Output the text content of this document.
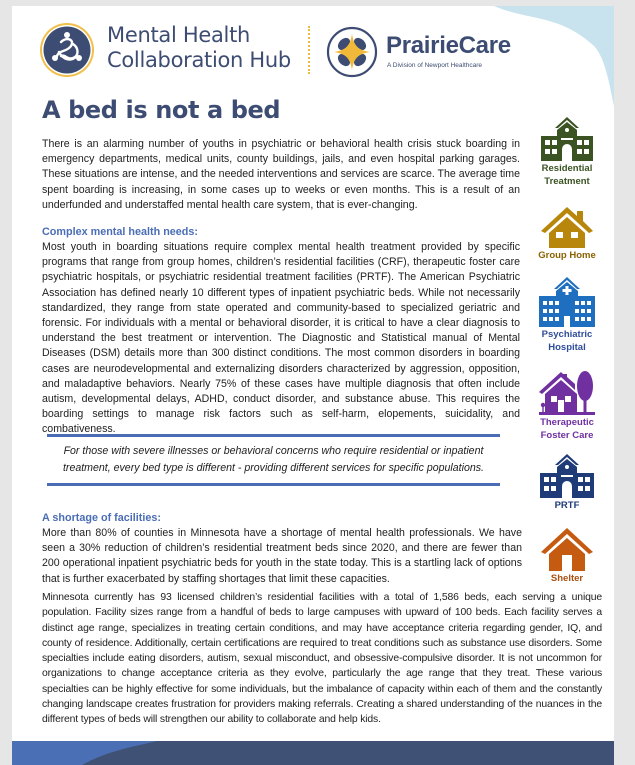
Mental Health
Collaboration Hub
PrairieCare
A Division of Newport Healthcare
A bed is not a bed
There is an alarming number of youths in psychiatric or behavioral health crisis stuck boarding in emergency departments, medical units, county buildings, jails, and even hospital parking garages. These situations are intense, and the needed interventions and services are scarce. The average time spent boarding is increasing, in some cases up to weeks or even months. This is a result of an underfunded and understaffed mental health care system, that is ever-changing.
Complex mental health needs:
Most youth in boarding situations require complex mental health treatment provided by specific programs that range from group homes, children’s residential facilities (CRF), therapeutic foster care psychiatric hospitals, or psychiatric residential treatment facilities (PRTF). The American Psychiatric Association has defined nearly 10 different types of inpatient psychiatric beds. While not necessarily standardized, they range from state operated and community-based to specialized geriatric and forensic. For individuals with a mental or behavioral disorder, it is critical to have a clear diagnosis to understand the best treatment or intervention. The Diagnostic and Statistical manual of Mental Diseases (DSM) details more than 300 distinct conditions. The most common disorders in boarding cases are neurodevelopmental and externalizing disorders characterized by aggression, opposition, and maladaptive behaviors. Nearly 75% of these cases have multiple diagnosis that often include autism, developmental delays, ADHD, conduct disorder, and substance abuse. This requires the boarding settings to manage risk factors such as self-harm, elopements, suicidality, and combativeness.
For those with severe illnesses or behavioral concerns who require residential or inpatient treatment, every bed type is different - providing different services for specific populations.
A shortage of facilities:
More than 80% of counties in Minnesota have a shortage of mental health professionals. We have seen a 30% reduction of children’s residential treatment beds since 2020, and there are fewer than 200 operational inpatient psychiatric beds for youth in the state today. This is a startling lack of options that is further exacerbated by staffing shortages that limit these capacities.
Minnesota currently has 93 licensed children’s residential facilities with a total of 1,586 beds, each serving a unique population. Facility sizes range from a handful of beds to large campuses with upward of 100 beds. Each facility serves a distinct age range, specializes in treating certain conditions, and may have acceptance criteria regarding gender, IQ, and county of residence. Additionally, certain certifications are required to treat conditions such as substance use disorders. Some specialties include eating disorders, autism, sexual misconduct, and obsessive-compulsive disorder. It is not uncommon for organizations to change acceptance criteria as they evolve, particularly the age range that they treat. These various specialties can be highly effective for some individuals, but the imbalance of capacity within each of them and the constantly changing landscape creates frustration for providers making referrals. Creating a shared understanding of the nuances in the different types of beds will strengthen our ability to collaborate and help kids.
Residential
Treatment
Group Home
Psychiatric
Hospital
Therapeutic
Foster Care
PRTF
Shelter
